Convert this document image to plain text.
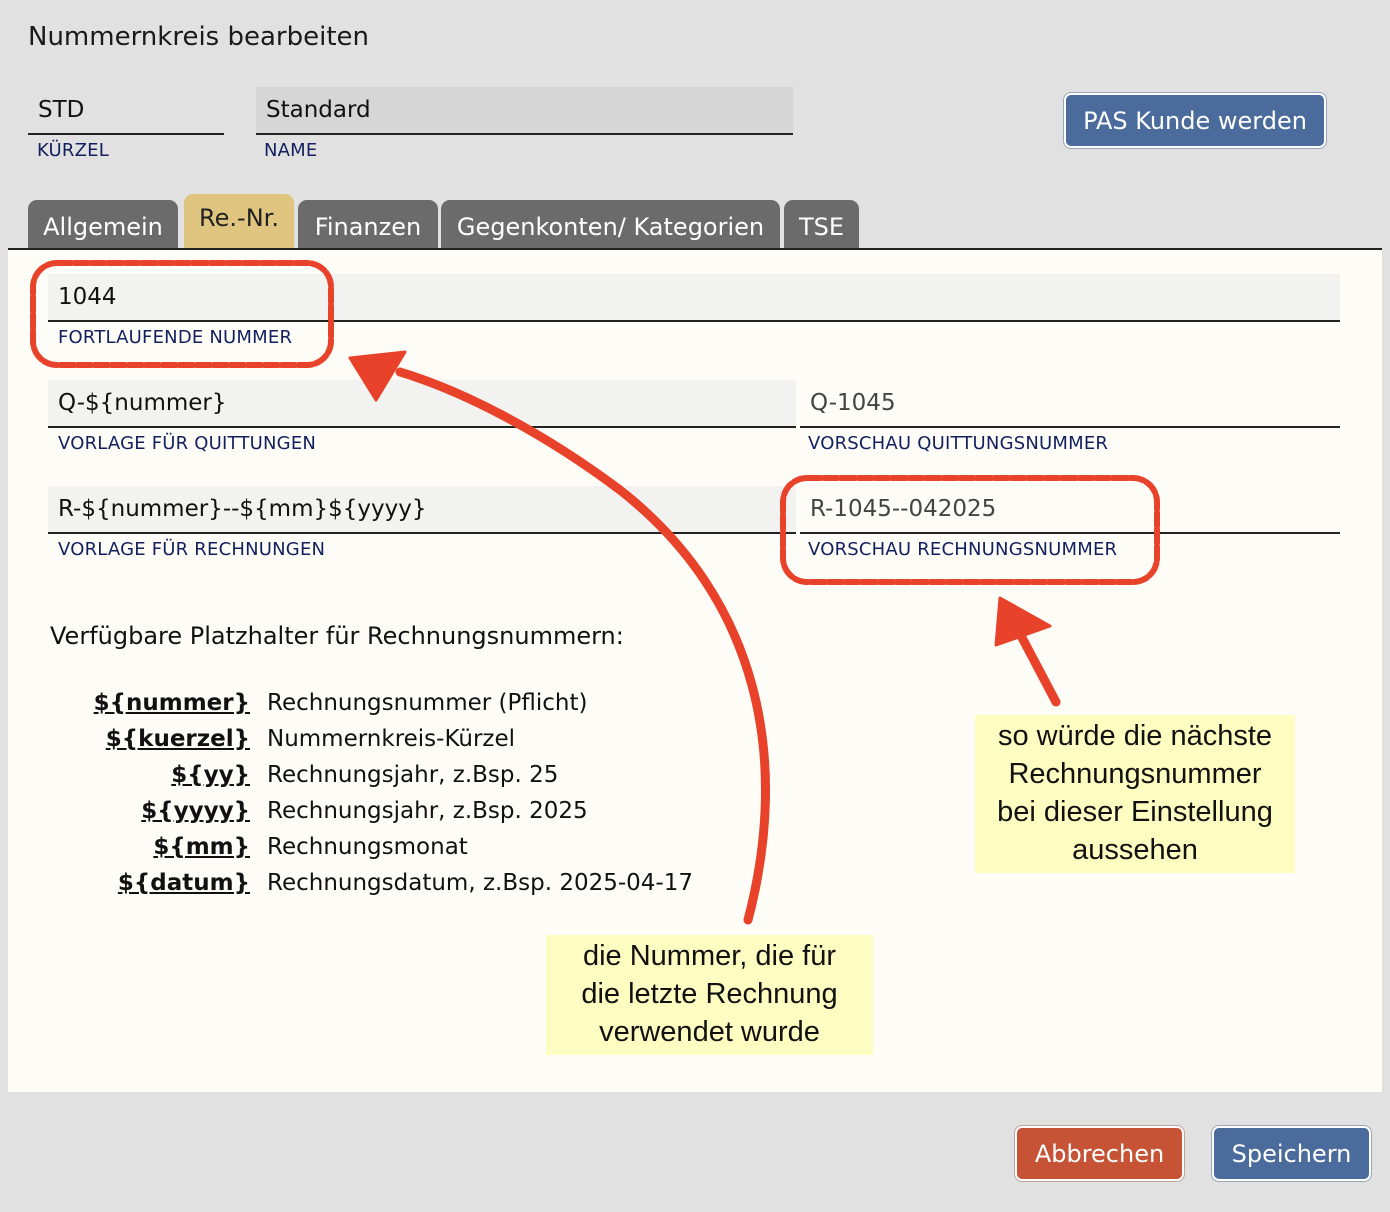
Nummernkreis bearbeiten
STD
KÜRZEL
Standard
NAME
PAS Kunde werden
Allgemein	Re.-Nr.	Finanzen	Gegenkonten/ Kategorien	TSE
1044
FORTLAUFENDE NUMMER
Q-${nummer}
VORLAGE FÜR QUITTUNGEN
Q-1045
VORSCHAU QUITTUNGSNUMMER
R-${nummer}--${mm}${yyyy}
VORLAGE FÜR RECHNUNGEN
R-1045--042025
VORSCHAU RECHNUNGSNUMMER
Verfügbare Platzhalter für Rechnungsnummern:
${nummer} Rechnungsnummer (Pflicht)
${kuerzel} Nummernkreis-Kürzel
${yy} Rechnungsjahr, z.Bsp. 25
${yyyy} Rechnungsjahr, z.Bsp. 2025
${mm} Rechnungsmonat
${datum} Rechnungsdatum, z.Bsp. 2025-04-17
so würde die nächste
Rechnungsnummer
bei dieser Einstellung
aussehen
die Nummer, die für
die letzte Rechnung
verwendet wurde
Abbrechen	Speichern
